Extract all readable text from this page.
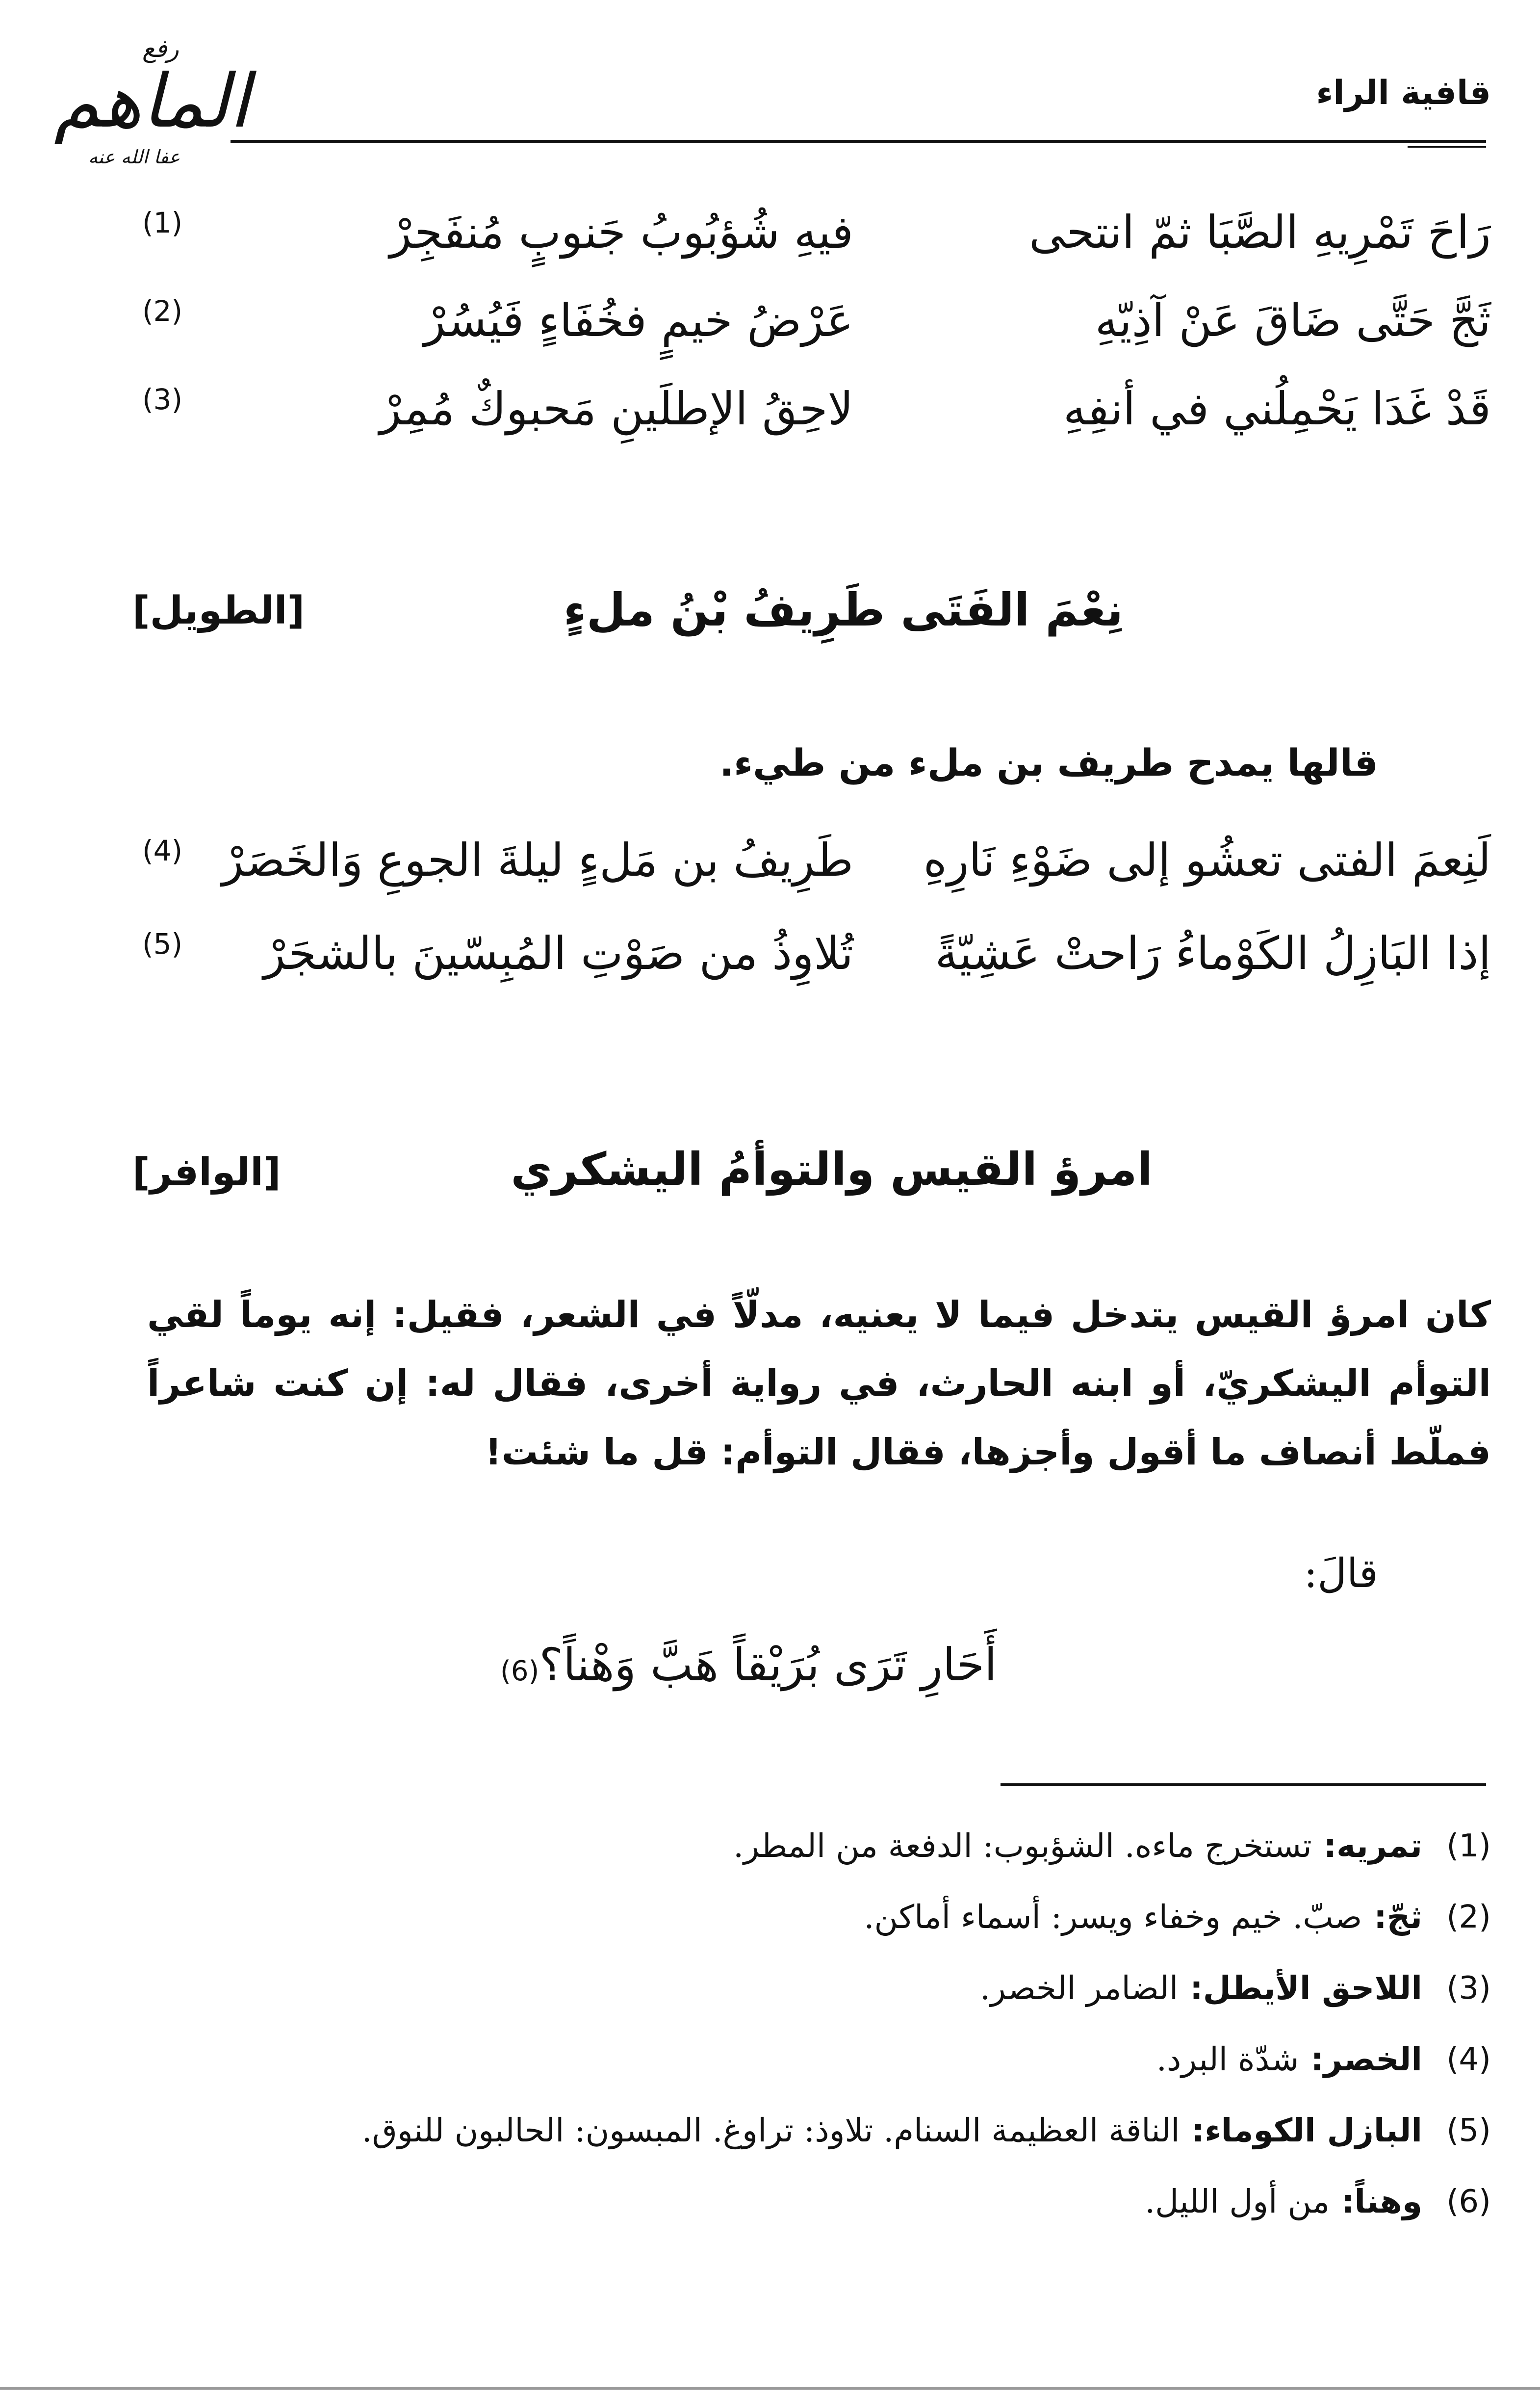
قافية الراء
رفع
الماهم
عفا الله عنه
رَاحَ تَمْرِيهِ الصَّبَا ثمّ انتحى
فيهِ شُؤبُوبُ جَنوبٍ مُنفَجِرْ
(1)
ثَجَّ حَتَّى ضَاقَ عَنْ آذِيّهِ
عَرْضُ خيمٍ فخُفَاءٍ فَيُسُرْ
(2)
قَدْ غَدَا يَحْمِلُني في أنفِهِ
لاحِقُ الإطلَينِ مَحبوكٌ مُمِرْ
(3)
نِعْمَ الفَتَى طَرِيفُ بْنُ ملءٍ
[الطويل]
قالها يمدح طريف بن ملء من طيء.
لَنِعمَ الفتى تعشُو إلى ضَوْءِ نَارِهِ
طَرِيفُ بن مَلءٍ ليلةَ الجوعِ وَالخَصَرْ
(4)
إذا البَازِلُ الكَوْماءُ رَاحتْ عَشِيّةً
تُلاوِذُ من صَوْتِ المُبِسّينَ بالشجَرْ
(5)
امرؤ القيس والتوأمُ اليشكري
[الوافر]
كان امرؤ القيس يتدخل فيما لا يعنيه، مدلّاً في الشعر، فقيل: إنه يوماً لقي التوأم اليشكريّ، أو ابنه الحارث، في رواية أخرى، فقال له: إن كنت شاعراً فملّط أنصاف ما أقول وأجزها، فقال التوأم: قل ما شئت!
قالَ:
أَحَارِ تَرَى بُرَيْقاً هَبَّ وَهْناً؟(6)
(1)
تمريه:
تستخرج ماءه. الشؤبوب: الدفعة من المطر.
(2)
ثجّ:
صبّ. خيم وخفاء ويسر: أسماء أماكن.
(3)
اللاحق الأيطل:
الضامر الخصر.
(4)
الخصر:
شدّة البرد.
(5)
البازل الكوماء:
الناقة العظيمة السنام. تلاوذ: تراوغ. المبسون: الحالبون للنوق.
(6)
وهناً:
من أول الليل.
